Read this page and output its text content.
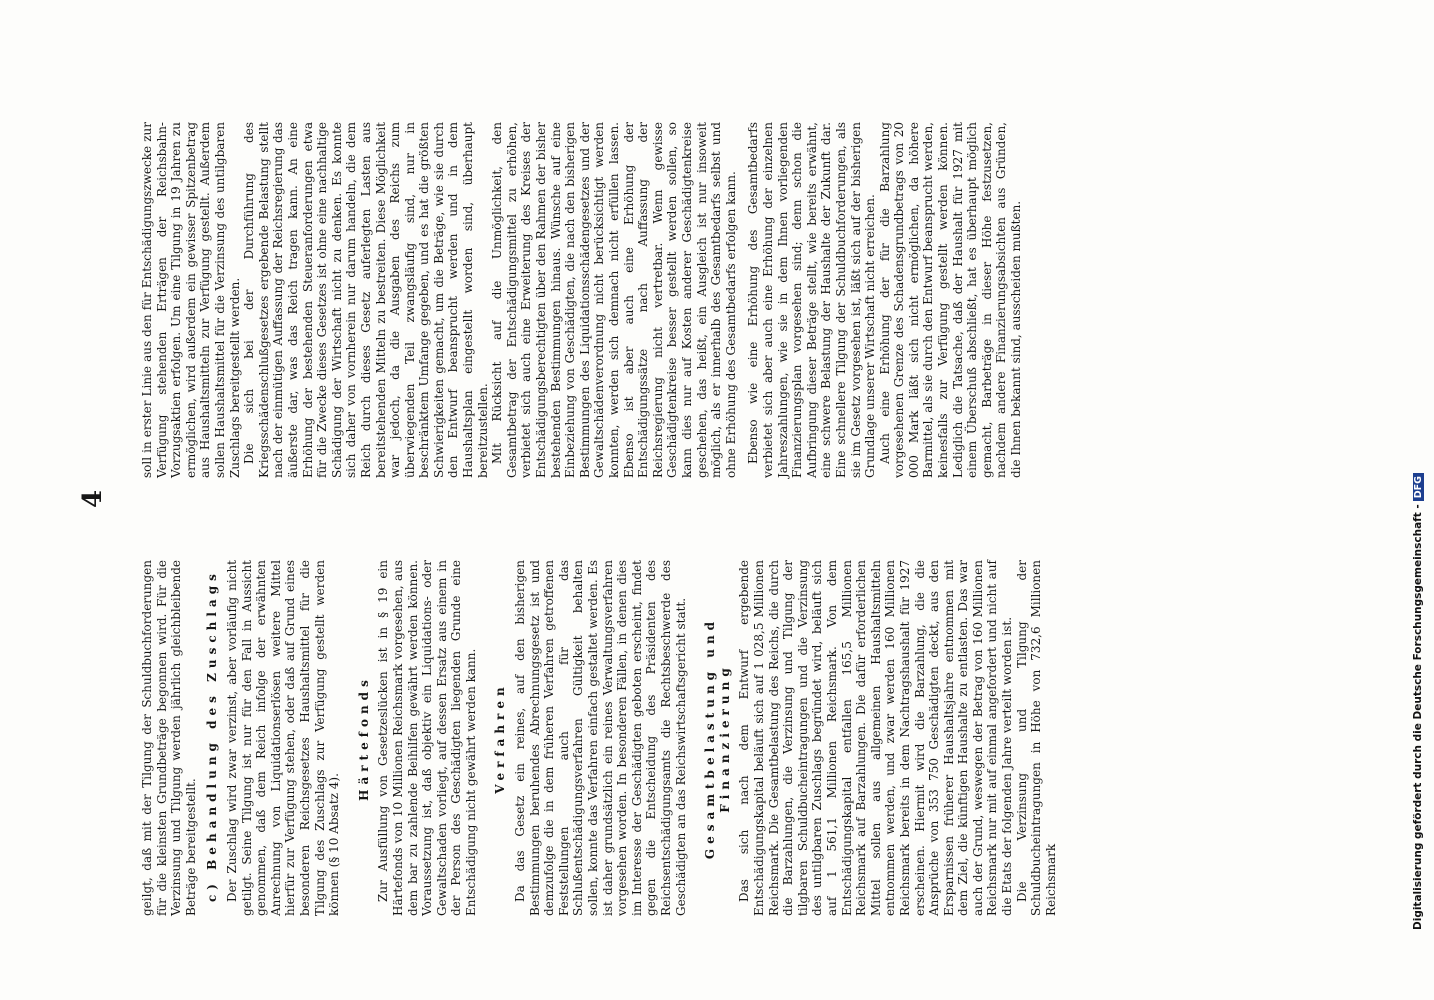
4

geilgt, daß mit der Tilgung der Schuldbuchforderungen für die kleinsten Grundbeträge begonnen wird. Für die Verzinsung und Tilgung werden jährlich gleichbleibende Beträge bereitgestellt. c) Behandlung des Zuschlags Der Zuschlag wird zwar verzinst, aber vorläufig nicht getilgt. Seine Tilgung ist nur für den Fall in Aussicht genommen, daß dem Reich infolge der erwähnten Anrechnung von Liquidationserlösen weitere Mittel hierfür zur Verfügung stehen, oder daß auf Grund eines besonderen Reichsgesetzes Haushaltsmittel für die Tilgung des Zuschlags zur Verfügung gestellt werden können (§ 10 Absatz 4).

Härtefonds Zur Ausfüllung von Gesetzeslücken ist in § 19 ein Härtefonds von 10 Millionen Reichsmark vorgesehen, aus dem bar zu zahlende Beihilfen gewährt werden können. Voraussetzung ist, daß objektiv ein Liquidations- oder Gewaltschaden vorliegt, auf dessen Ersatz aus einem in der Person des Geschädigten liegenden Grunde eine Entschädigung nicht gewährt werden kann. Verfahren Da das Gesetz ein reines, auf den bisherigen Bestimmungen beruhendes Abrechnungsgesetz ist und demzufolge die in dem früheren Verfahren getroffenen Feststellungen auch für das Schlußentschädigungsverfahren Gültigkeit behalten sollen, konnte das Verfahren einfach gestaltet werden. Es ist daher grundsätzlich ein reines Verwaltungsverfahren vorgesehen worden. In besonderen Fällen, in denen dies im Interesse der Geschädigten geboten erscheint, findet gegen die Entscheidung des Präsidenten des Reichsentschädigungsamts die Rechtsbeschwerde des Geschädigten an das Reichswirtschaftsgericht statt. Gesamtbelastung und Finanzierung Das sich nach dem Entwurf ergebende Entschädigungskapital beläuft sich auf 1 028,5 Millionen Reichsmark. Die Gesamtbelastung des Reichs, die durch die Barzahlungen, die Verzinsung und Tilgung der tilgbaren Schuldbucheintragungen und die Verzinsung des untilgbaren Zuschlags begründet wird, beläuft sich auf 1 561,1 Millionen Reichsmark. Von dem Entschädigungskapital entfallen 165,5 Millionen Reichsmark auf Barzahlungen. Die dafür erforderlichen Mittel sollen aus allgemeinen Haushaltsmitteln entnommen werden, und zwar werden 160 Millionen Reichsmark bereits in dem Nachtragshaushalt für 1927 erscheinen. Hiermit wird die Barzahlung, die die Ansprüche von 353 750 Geschädigten deckt, aus den Ersparnissen früherer Haushaltsjahre entnommen mit dem Ziel, die künftigen Haushalte zu entlasten. Das war auch der Grund, weswegen der Betrag von 160 Millionen Reichsmark nur mit auf einmal angefordert und nicht auf die Etats der folgenden Jahre verteilt worden ist. Die Verzinsung und Tilgung der Schuldbucheintragungen in Höhe von 732,6 Millionen Reichsmark

soll in erster Linie aus den für Entschädigungszwecke zur Verfügung stehenden Erträgen der Reichsbahn-Vorzugsaktien erfolgen. Um eine Tilgung in 19 Jahren zu ermöglichen, wird außerdem ein gewisser Spitzenbetrag aus Haushaltsmitteln zur Verfügung gestellt. Außerdem sollen Haushaltsmittel für die Verzinsung des untilgbaren Zuschlags bereitgestellt werden. Die sich bei der Durchführung des Kriegsschädenschlußgesetzes ergebende Belastung stellt nach der einmütigen Auffassung der Reichsregierung das äußerste dar, was das Reich tragen kann. An eine Erhöhung der bestehenden Steueranforderungen etwa für die Zwecke dieses Gesetzes ist ohne eine nachhaltige Schädigung der Wirtschaft nicht zu denken. Es konnte sich daher von vornherein nur darum handeln, die dem Reich durch dieses Gesetz auferlegten Lasten aus bereitstehenden Mitteln zu bestreiten. Diese Möglichkeit war jedoch, da die Ausgaben des Reichs zum überwiegenden Teil zwangsläufig sind, nur in beschränktem Umfange gegeben, und es hat die größten Schwierigkeiten gemacht, um die Beträge, wie sie durch den Entwurf beansprucht werden und in dem Haushaltsplan eingestellt worden sind, überhaupt bereitzustellen. Mit Rücksicht auf die Unmöglichkeit, den Gesamtbetrag der Entschädigungsmittel zu erhöhen, verbietet sich auch eine Erweiterung des Kreises der Entschädigungsberechtigten über den Rahmen der bisher bestehenden Bestimmungen hinaus. Wünsche auf eine Einbeziehung von Geschädigten, die nach den bisherigen Bestimmungen des Liquidationsschädengesetzes und der Gewaltschädenverordnung nicht berücksichtigt werden konnten, werden sich demnach nicht erfüllen lassen. Ebenso ist aber auch eine Erhöhung der Entschädigungssätze nach Auffassung der Reichsregierung nicht vertretbar. Wenn gewisse Geschädigtenkreise besser gestellt werden sollen, so kann dies nur auf Kosten anderer Geschädigtenkreise geschehen, das heißt, ein Ausgleich ist nur insoweit möglich, als er innerhalb des Gesamtbedarfs selbst und ohne Erhöhung des Gesamtbedarfs erfolgen kann. Ebenso wie eine Erhöhung des Gesamtbedarfs verbietet sich aber auch eine Erhöhung der einzelnen Jahreszahlungen, wie sie in dem Ihnen vorliegenden Finanzierungsplan vorgesehen sind; denn schon die Aufbringung dieser Beträge stellt, wie bereits erwähnt, eine schwere Belastung der Haushalte der Zukunft dar. Eine schnellere Tilgung der Schuldbuchforderungen, als sie im Gesetz vorgesehen ist, läßt sich auf der bisherigen Grundlage unserer Wirtschaft nicht erreichen. Auch eine Erhöhung der für die Barzahlung vorgesehenen Grenze des Schadensgrundbetrags von 20 000 Mark läßt sich nicht ermöglichen, da höhere Barmittel, als sie durch den Entwurf beansprucht werden, keinesfalls zur Verfügung gestellt werden können. Lediglich die Tatsache, daß der Haushalt für 1927 mit einem Überschuß abschließt, hat es überhaupt möglich gemacht, Barbeträge in dieser Höhe festzusetzen, nachdem andere Finanzierungsabsichten aus Gründen, die Ihnen bekannt sind, ausscheiden mußten.

Digitalisierung gefördert durch die Deutsche Forschungsgemeinschaft -DFG
